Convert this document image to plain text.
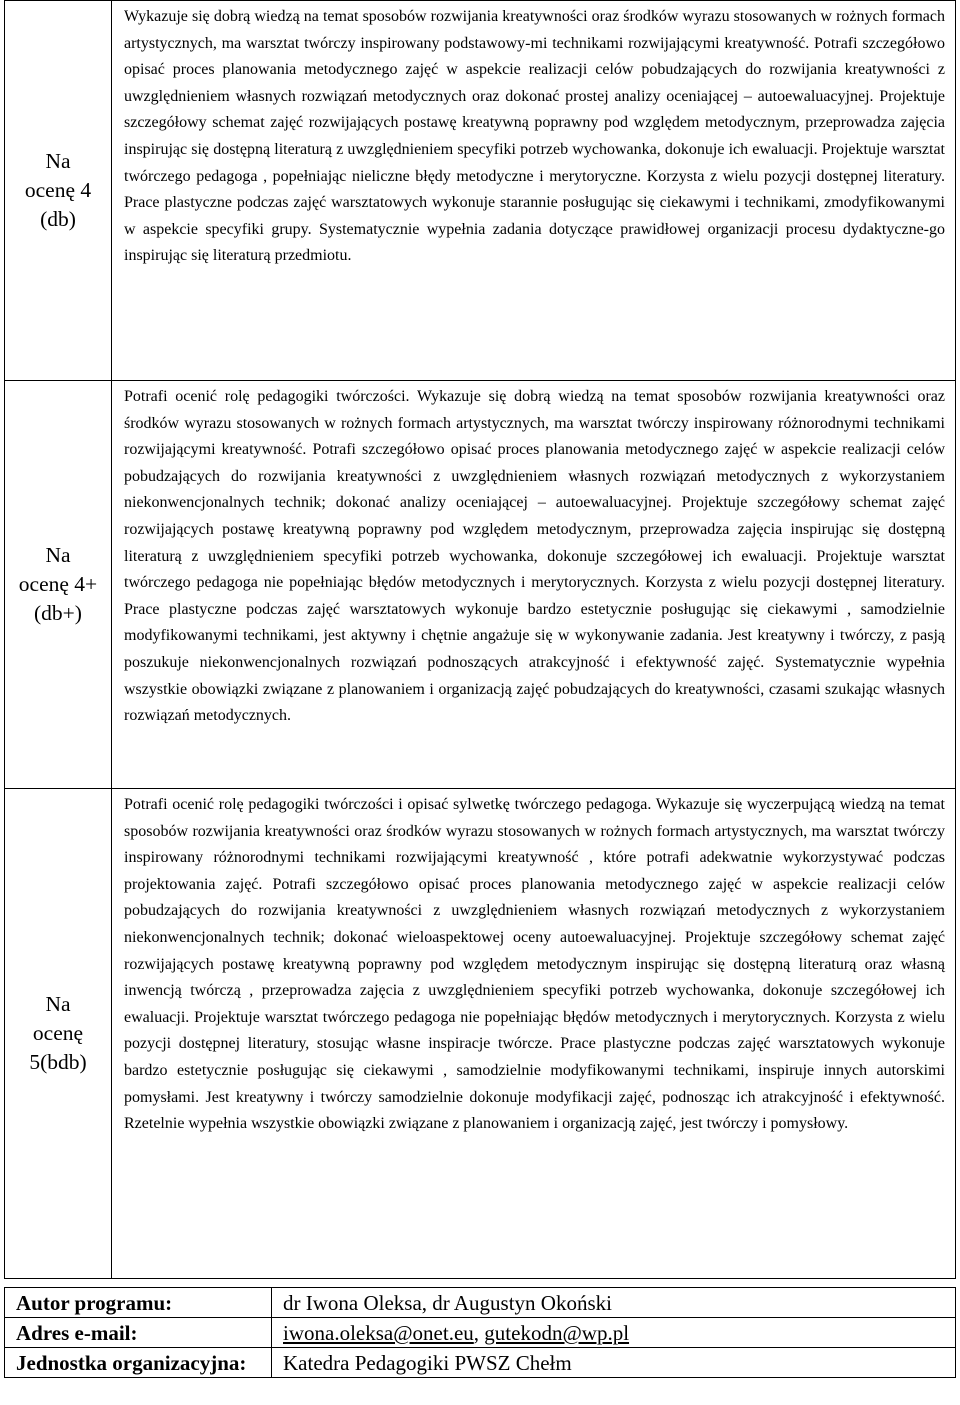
Na
ocenę 4 (db)	Wykazuje się dobrą wiedzą na temat sposobów rozwijania kreatywności oraz środków wyrazu stosowanych w rożnych formach artystycznych, ma warsztat twórczy inspirowany podstawowy-mi technikami rozwijającymi kreatywność. Potrafi szczegółowo opisać proces planowania metodycznego zajęć w aspekcie realizacji celów pobudzających do rozwijania kreatywności z uwzględnieniem własnych rozwiązań metodycznych oraz dokonać prostej analizy oceniającej – autoewaluacyjnej. Projektuje szczegółowy schemat zajęć rozwijających postawę kreatywną poprawny pod względem metodycznym, przeprowadza zajęcia inspirując się dostępną literaturą z uwzględnieniem specyfiki potrzeb wychowanka, dokonuje ich ewaluacji. Projektuje warsztat twórczego pedagoga , popełniając nieliczne błędy metodyczne i merytoryczne. Korzysta z wielu pozycji dostępnej literatury. Prace plastyczne podczas zajęć warsztatowych wykonuje starannie posługując się ciekawymi i technikami, zmodyfikowanymi w aspekcie specyfiki grupy. Systematycznie wypełnia zadania dotyczące prawidłowej organizacji procesu dydaktyczne-go inspirując się literaturą przedmiotu.

Na
ocenę 4+ (db+)	Potrafi ocenić rolę pedagogiki twórczości. Wykazuje się dobrą wiedzą na temat sposobów rozwijania kreatywności oraz środków wyrazu stosowanych w rożnych formach artystycznych, ma warsztat twórczy inspirowany różnorodnymi technikami rozwijającymi kreatywność. Potrafi szczegółowo opisać proces planowania metodycznego zajęć w aspekcie realizacji celów pobudzających do rozwijania kreatywności z uwzględnieniem własnych rozwiązań metodycznych z wykorzystaniem niekonwencjonalnych technik; dokonać analizy oceniającej – autoewaluacyjnej. Projektuje szczegółowy schemat zajęć rozwijających postawę kreatywną poprawny pod względem metodycznym, przeprowadza zajęcia inspirując się dostępną literaturą z uwzględnieniem specyfiki potrzeb wychowanka, dokonuje szczegółowej ich ewaluacji. Projektuje warsztat twórczego pedagoga nie popełniając błędów metodycznych i merytorycznych. Korzysta z wielu pozycji dostępnej literatury. Prace plastyczne podczas zajęć warsztatowych wykonuje bardzo estetycznie posługując się ciekawymi , samodzielnie modyfikowanymi technikami, jest aktywny i chętnie angażuje się w wykonywanie zadania. Jest kreatywny i twórczy, z pasją poszukuje niekonwencjonalnych rozwiązań podnoszących atrakcyjność i efektywność zajęć. Systematycznie wypełnia wszystkie obowiązki związane z planowaniem i organizacją zajęć pobudzających do kreatywności, czasami szukając własnych rozwiązań metodycznych.

Na
ocenę 5(bdb)	Potrafi ocenić rolę pedagogiki twórczości i opisać sylwetkę twórczego pedagoga. Wykazuje się wyczerpującą wiedzą na temat sposobów rozwijania kreatywności oraz środków wyrazu stosowanych w rożnych formach artystycznych, ma warsztat twórczy inspirowany różnorodnymi technikami rozwijającymi kreatywność , które potrafi adekwatnie wykorzystywać podczas projektowania zajęć. Potrafi szczegółowo opisać proces planowania metodycznego zajęć w aspekcie realizacji celów pobudzających do rozwijania kreatywności z uwzględnieniem własnych rozwiązań metodycznych z wykorzystaniem niekonwencjonalnych technik; dokonać wieloaspektowej oceny autoewaluacyjnej. Projektuje szczegółowy schemat zajęć rozwijających postawę kreatywną poprawny pod względem metodycznym inspirując się dostępną literaturą oraz własną inwencją twórczą , przeprowadza zajęcia z uwzględnieniem specyfiki potrzeb wychowanka, dokonuje szczegółowej ich ewaluacji. Projektuje warsztat twórczego pedagoga nie popełniając błędów metodycznych i merytorycznych. Korzysta z wielu pozycji dostępnej literatury, stosując własne inspiracje twórcze. Prace plastyczne podczas zajęć warsztatowych wykonuje bardzo estetycznie posługując się ciekawymi , samodzielnie modyfikowanymi technikami, inspiruje innych autorskimi pomysłami. Jest kreatywny i twórczy samodzielnie dokonuje modyfikacji zajęć, podnosząc ich atrakcyjność i efektywność. Rzetelnie wypełnia wszystkie obowiązki związane z planowaniem i organizacją zajęć, jest twórczy i pomysłowy.
Autor programu:	dr Iwona Oleksa, dr Augustyn Okoński
Adres e-mail:	iwona.oleksa@onet.eu, gutekodn@wp.pl
Jednostka organizacyjna:	Katedra Pedagogiki PWSZ Chełm
